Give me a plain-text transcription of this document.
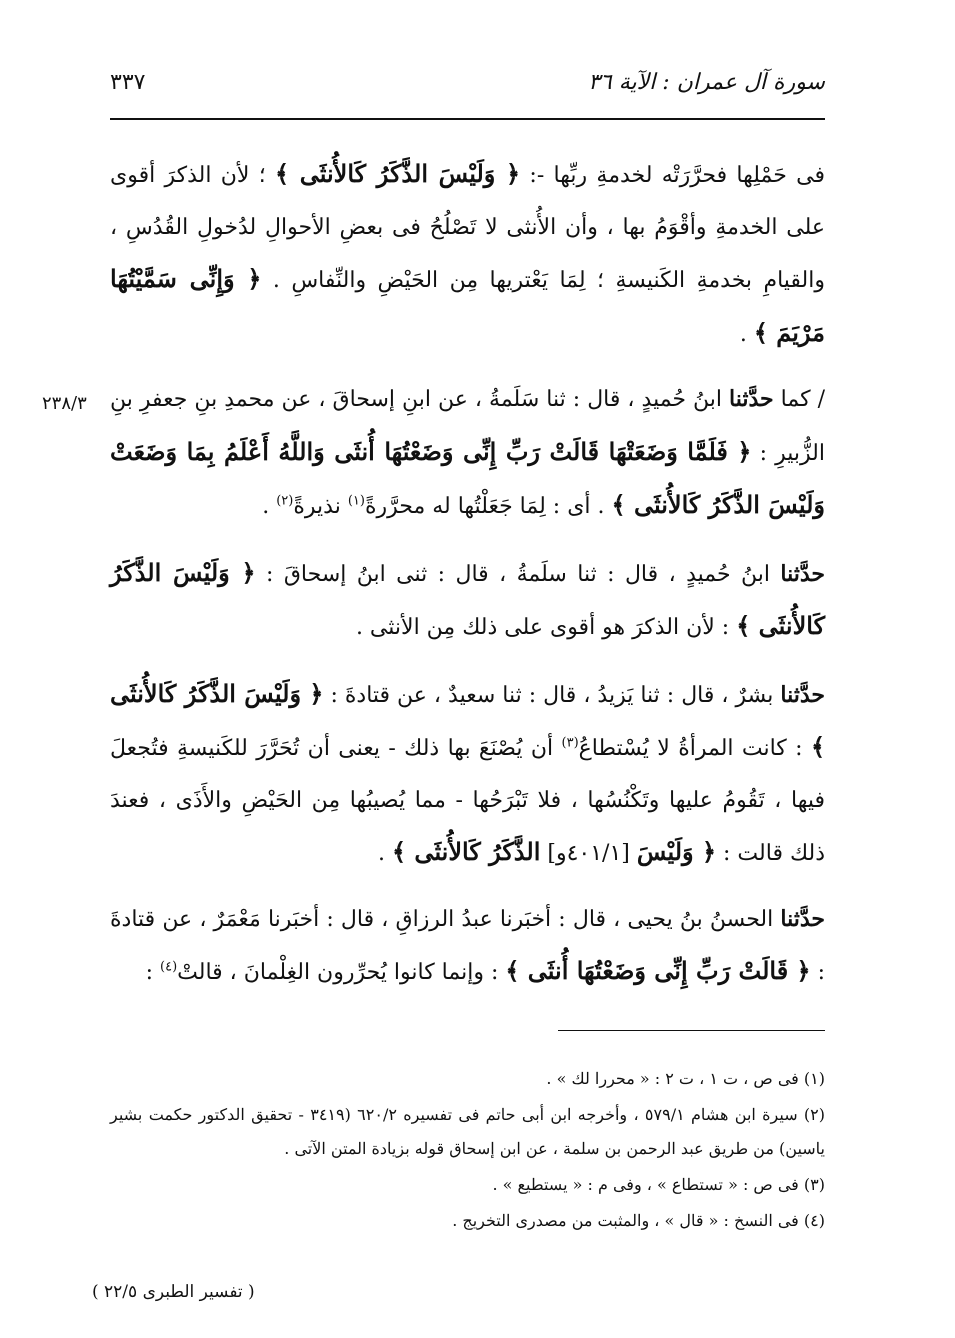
سورة آل عمران : الآية ٣٦
٣٣٧
٢٣٨/٣

فى حَمْلِها فحرَّرَتْه لخدمةِ ربِّها -: ﴿ وَلَيْسَ الذَّكَرُ كَالأُنثَى ﴾ ؛ لأن الذكرَ أقوى على الخدمةِ وأقْوَمُ بها ، وأن الأُنثى لا تَصْلُحُ فى بعضِ الأحوالِ لدُخولِ القُدُسِ ، والقيامِ بخدمةِ الكَنيسةِ ؛ لِمَا يَعْتريها مِن الحَيْضِ والنِّفاسِ . ﴿ وَإِنِّى سَمَّيْتُهَا مَرْيَمَ ﴾ .

/ كما حدَّثنا ابنُ حُميدٍ ، قال : ثنا سَلَمةُ ، عن ابنِ إسحاقَ ، عن محمدِ بنِ جعفرِ بنِ الزُّبيرِ : ﴿ فَلَمَّا وَضَعَتْهَا قَالَتْ رَبِّ إِنِّى وَضَعْتُهَا أُنثَى وَاللَّهُ أَعْلَمُ بِمَا وَضَعَتْ وَلَيْسَ الذَّكَرُ كَالأُنثَى ﴾ . أى : لِمَا جَعَلْتُها له محرَّرةً$^{(١)}$ نذيرةً$^{(٢)}$ .

حدَّثنا ابنُ حُميدٍ ، قال : ثنا سلَمةُ ، قال : ثنى ابنُ إسحاقَ : ﴿ وَلَيْسَ الذَّكَرُ كَالأُنثَى ﴾ : لأن الذكرَ هو أقوى على ذلك مِن الأنثى .

حدَّثنا بشرٌ ، قال : ثنا يَزيدُ ، قال : ثنا سعيدٌ ، عن قتادةَ : ﴿ وَلَيْسَ الذَّكَرُ كَالأُنثَى ﴾ : كانت المرأةُ لا يُسْتطاعُ$^{(٣)}$ أن يُصْنَعَ بها ذلك - يعنى أن تُحَرَّرَ للكَنيسةِ فتُجعلَ فيها ، تَقُومُ عليها وتَكْنُسُها ، فلا تَبْرَحُها - مما يُصيبُها مِن الحَيْضِ والأَذَى ، فعندَ ذلك قالت : ﴿ وَلَيْسَ [٤٠١/١و] الذَّكَرُ كَالأُنثَى ﴾ .

حدَّثنا الحسنُ بنُ يحيى ، قال : أخبَرنا عبدُ الرزاقِ ، قال : أخبَرنا مَعْمَرٌ ، عن قتادةَ : ﴿ قَالَتْ رَبِّ إِنِّى وَضَعْتُهَا أُنثَى ﴾ : وإنما كانوا يُحرِّرون الغِلْمانَ ، قالتْ$^{(٤)}$ :

(١) فى ص ، ت ١ ، ت ٢ : « محررا لك » .

(٢) سيرة ابن هشام ٥٧٩/١ ، وأخرجه ابن أبى حاتم فى تفسيره ٦٢٠/٢ (٣٤١٩ - تحقيق الدكتور حكمت بشير ياسين) من طريق عبد الرحمن بن سلمة ، عن ابن إسحاق قوله بزيادة المتن الآتى .

(٣) فى ص : « تستطاع » ، وفى م : « يستطيع » .

(٤) فى النسخ : « قال » ، والمثبت من مصدرى التخريج .

( تفسير الطبرى ٢٢/٥ )
